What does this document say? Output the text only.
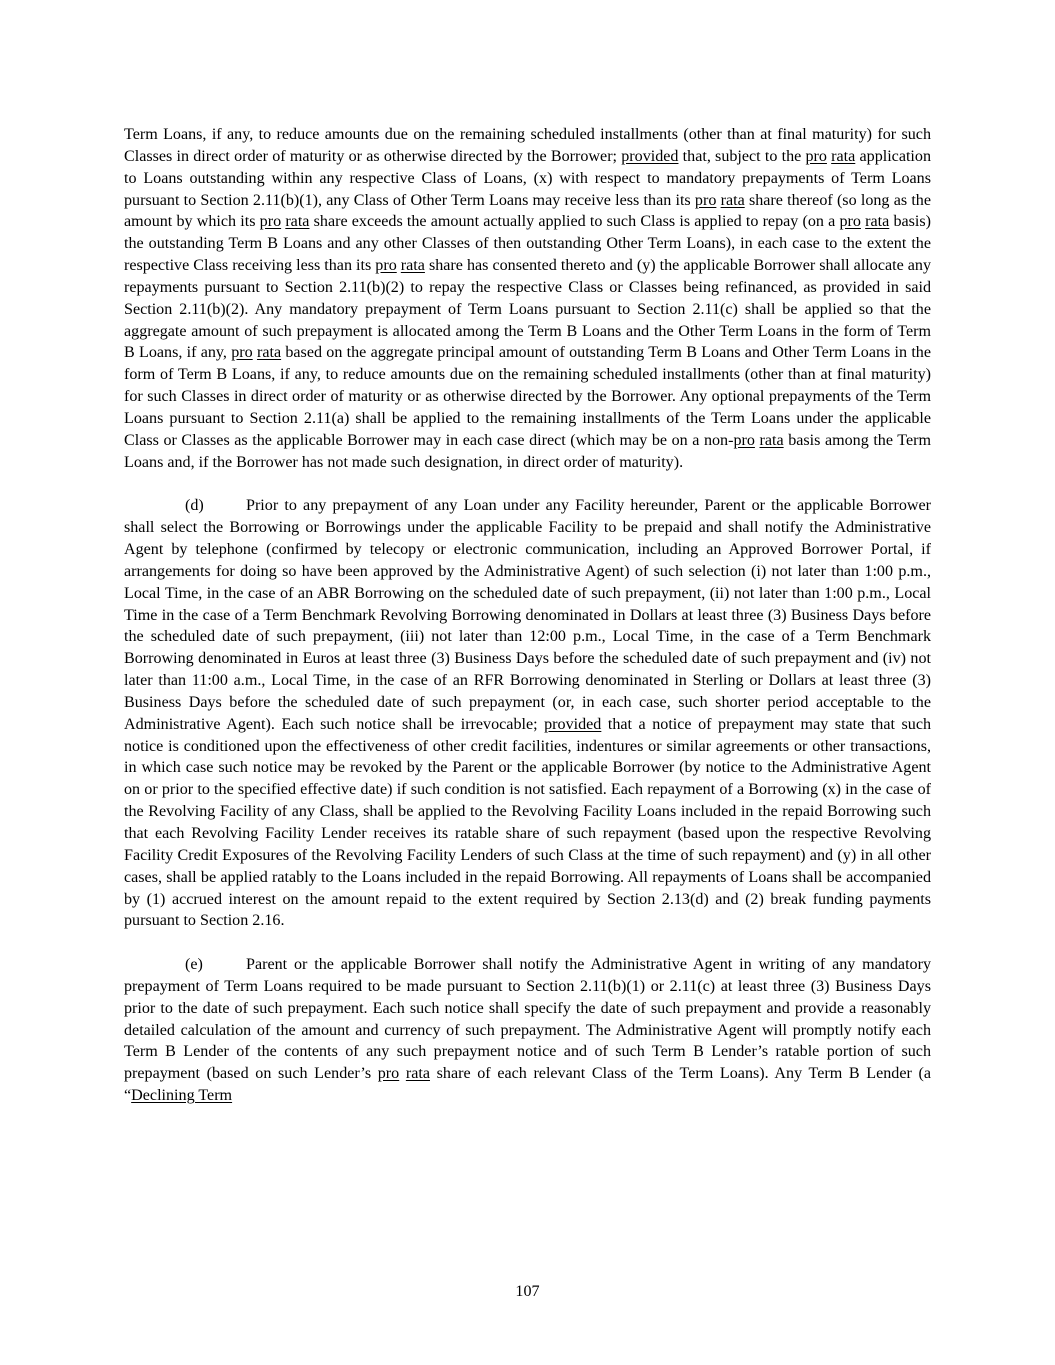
Term Loans, if any, to reduce amounts due on the remaining scheduled installments (other than at final maturity) for such Classes in direct order of maturity or as otherwise directed by the Borrower; provided that, subject to the pro rata application to Loans outstanding within any respective Class of Loans, (x) with respect to mandatory prepayments of Term Loans pursuant to Section 2.11(b)(1), any Class of Other Term Loans may receive less than its pro rata share thereof (so long as the amount by which its pro rata share exceeds the amount actually applied to such Class is applied to repay (on a pro rata basis) the outstanding Term B Loans and any other Classes of then outstanding Other Term Loans), in each case to the extent the respective Class receiving less than its pro rata share has consented thereto and (y) the applicable Borrower shall allocate any repayments pursuant to Section 2.11(b)(2) to repay the respective Class or Classes being refinanced, as provided in said Section 2.11(b)(2). Any mandatory prepayment of Term Loans pursuant to Section 2.11(c) shall be applied so that the aggregate amount of such prepayment is allocated among the Term B Loans and the Other Term Loans in the form of Term B Loans, if any, pro rata based on the aggregate principal amount of outstanding Term B Loans and Other Term Loans in the form of Term B Loans, if any, to reduce amounts due on the remaining scheduled installments (other than at final maturity) for such Classes in direct order of maturity or as otherwise directed by the Borrower. Any optional prepayments of the Term Loans pursuant to Section 2.11(a) shall be applied to the remaining installments of the Term Loans under the applicable Class or Classes as the applicable Borrower may in each case direct (which may be on a non-pro rata basis among the Term Loans and, if the Borrower has not made such designation, in direct order of maturity).

(d)	Prior to any prepayment of any Loan under any Facility hereunder, Parent or the applicable Borrower shall select the Borrowing or Borrowings under the applicable Facility to be prepaid and shall notify the Administrative Agent by telephone (confirmed by telecopy or electronic communication, including an Approved Borrower Portal, if arrangements for doing so have been approved by the Administrative Agent) of such selection (i) not later than 1:00 p.m., Local Time, in the case of an ABR Borrowing on the scheduled date of such prepayment, (ii) not later than 1:00 p.m., Local Time in the case of a Term Benchmark Revolving Borrowing denominated in Dollars at least three (3) Business Days before the scheduled date of such prepayment, (iii) not later than 12:00 p.m., Local Time, in the case of a Term Benchmark Borrowing denominated in Euros at least three (3) Business Days before the scheduled date of such prepayment and (iv) not later than 11:00 a.m., Local Time, in the case of an RFR Borrowing denominated in Sterling or Dollars at least three (3) Business Days before the scheduled date of such prepayment (or, in each case, such shorter period acceptable to the Administrative Agent). Each such notice shall be irrevocable; provided that a notice of prepayment may state that such notice is conditioned upon the effectiveness of other credit facilities, indentures or similar agreements or other transactions, in which case such notice may be revoked by the Parent or the applicable Borrower (by notice to the Administrative Agent on or prior to the specified effective date) if such condition is not satisfied. Each repayment of a Borrowing (x) in the case of the Revolving Facility of any Class, shall be applied to the Revolving Facility Loans included in the repaid Borrowing such that each Revolving Facility Lender receives its ratable share of such repayment (based upon the respective Revolving Facility Credit Exposures of the Revolving Facility Lenders of such Class at the time of such repayment) and (y) in all other cases, shall be applied ratably to the Loans included in the repaid Borrowing. All repayments of Loans shall be accompanied by (1) accrued interest on the amount repaid to the extent required by Section 2.13(d) and (2) break funding payments pursuant to Section 2.16.

(e)	Parent or the applicable Borrower shall notify the Administrative Agent in writing of any mandatory prepayment of Term Loans required to be made pursuant to Section 2.11(b)(1) or 2.11(c) at least three (3) Business Days prior to the date of such prepayment. Each such notice shall specify the date of such prepayment and provide a reasonably detailed calculation of the amount and currency of such prepayment. The Administrative Agent will promptly notify each Term B Lender of the contents of any such prepayment notice and of such Term B Lender’s ratable portion of such prepayment (based on such Lender’s pro rata share of each relevant Class of the Term Loans). Any Term B Lender (a “Declining Term

107
